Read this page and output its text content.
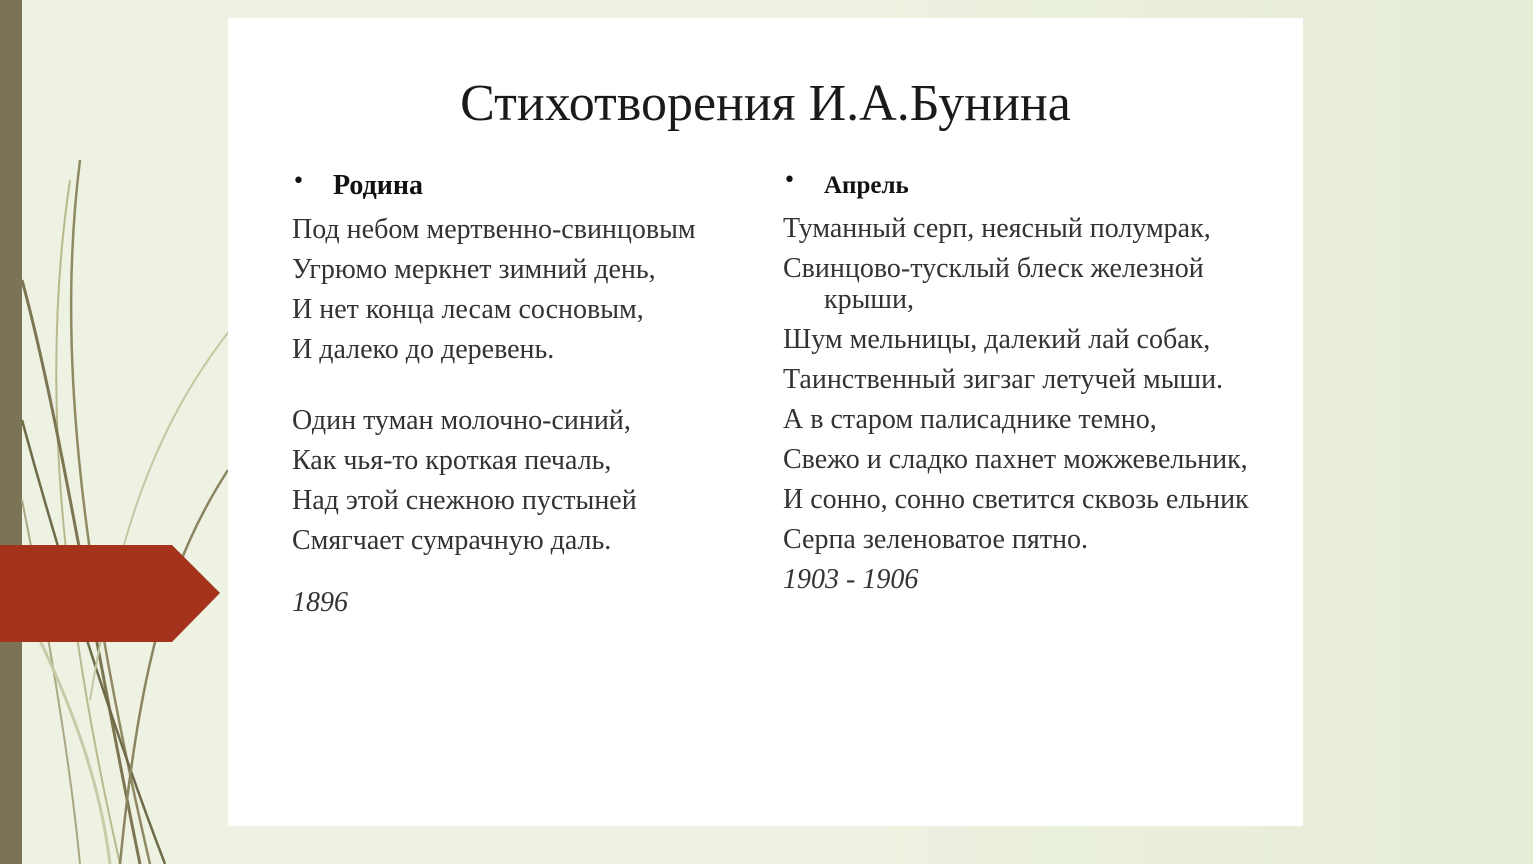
Стихотворения И.А.Бунина
•	Родина
Под небом мертвенно-свинцовым
Угрюмо меркнет зимний день,
И нет конца лесам сосновым,
И далеко до деревень.
Один туман молочно-синий,
Как чья-то кроткая печаль,
Над этой снежною пустыней
Смягчает сумрачную даль.
1896
•	Апрель
Туманный серп, неясный полумрак,
Свинцово-тусклый блеск железной крыши,
Шум мельницы, далекий лай собак,
Таинственный зигзаг летучей мыши.
А в старом палисаднике темно,
Свежо и сладко пахнет можжевельник,
И сонно, сонно светится сквозь ельник
Серпа зеленоватое пятно.
1903 - 1906
